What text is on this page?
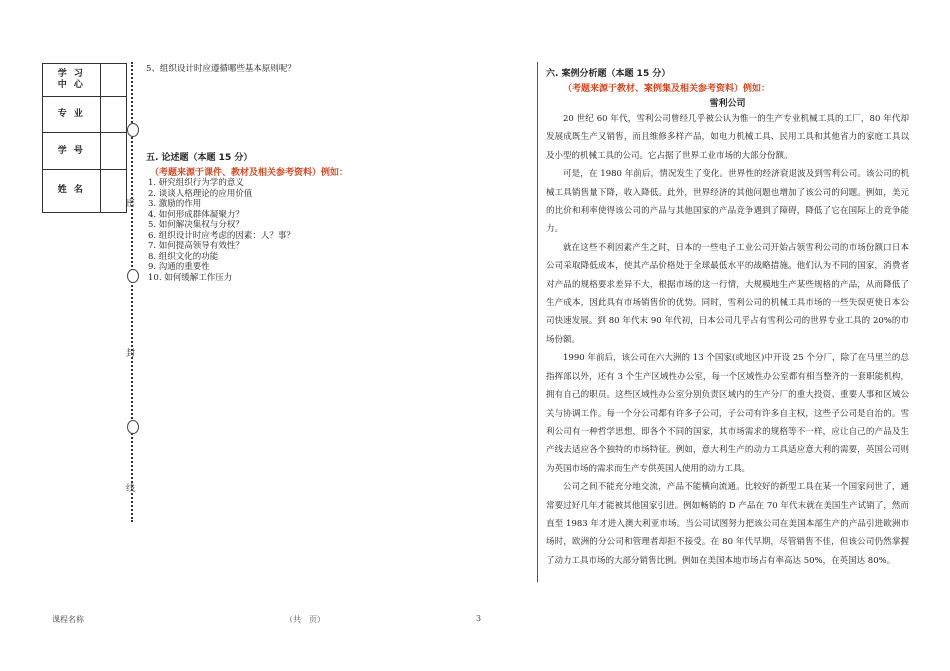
学 习
中 心	
专 业	
学 号	
姓 名	
密
封
线
5、组织设计时应遵循哪些基本原则呢？
五. 论述题（本题 15 分）
（考题来源于课件、教材及相关参考资料）例如：
1. 研究组织行为学的意义
2. 谈谈人格理论的应用价值
3. 激励的作用
4. 如何形成群体凝聚力？
5. 如何解决集权与分权？
6. 组织设计时应考虑的因素：人？事？
7. 如何提高领导有效性？
8. 组织文化的功能
9. 沟通的重要性
10. 如何缓解工作压力
六. 案例分析题（本题 15 分）
（考题来源于教材、案例集及相关参考资料）例如：
雪利公司

20 世纪 60 年代，雪利公司曾经几乎被公认为惟一的生产专业机械工具的工厂，80 年代却发展成既生产又销售，而且维修多样产品，如电力机械工具、民用工具和其他省力的家庭工具以及小型的机械工具的公司。它占据了世界工业市场的大部分份额。

可是，在 1980 年前后，情况发生了变化。世界性的经济衰退波及到雪利公司。该公司的机械工具销售量下降，收入降低。此外，世界经济的其他问题也增加了该公司的问题。例如，美元的比价和利率使得该公司的产品与其他国家的产品竞争遇到了障碍，降低了它在国际上的竞争能力。

就在这些不利因素产生之时，日本的一些电子工业公司开始占领雪利公司的市场份额口日本公司采取降低成本，使其产品价格处于全球最低水平的战略措施。他们认为不同的国家，消费者对产品的规格要求差异不大，根据市场的这一行情，大规模地生产某些规格的产品，从而降低了生产成本，因此具有市场销售价的优势。同时，雪利公司的机械工具市场的一些失误更使日本公司快速发展。到 80 年代末 90 年代初，日本公司几乎占有雪利公司的世界专业工具的 20%的市场份额。

1990 年前后，该公司在六大洲的 13 个国家(或地区)中开设 25 个分厂，除了在马里兰的总指挥部以外，还有 3 个生产区域性办公室，每一个区域性办公室都有相当整齐的一套职能机构，拥有自己的职员。这些区域性办公室分别负责区域内的生产分厂的重大投资、重要人事和区域公关与协调工作。每一个分公司都有许多子公司，子公司有许多自主权，这些子公司是自治的。雪利公司有一种哲学思想，即各个不同的国家，其市场需求的规格等不一样，应让自己的产品及生产线去适应各个独特的市场特征。例如，意大利生产的动力工具适应意大利的需要，英国公司则为英国市场的需求而生产专供英国人使用的动力工具。

公司之间不能充分地交流，产品不能横向流通。比较好的新型工具在某一个国家问世了，通常要过好几年才能被其他国家引进。例如畅销的 D 产品在 70 年代末就在美国生产试销了，然而直至 1983 年才进入澳大利亚市场。当公司试图努力把该公司在美国本部生产的产品引进欧洲市场时，欧洲的分公司和管理者却拒不接受。在 80 年代早期，尽管销售不佳，但该公司仍然掌握了动力工具市场的大部分销售比例。例如在美国本地市场占有率高达 50%，在英国达 80%。

课程名称	（共　页）	3
